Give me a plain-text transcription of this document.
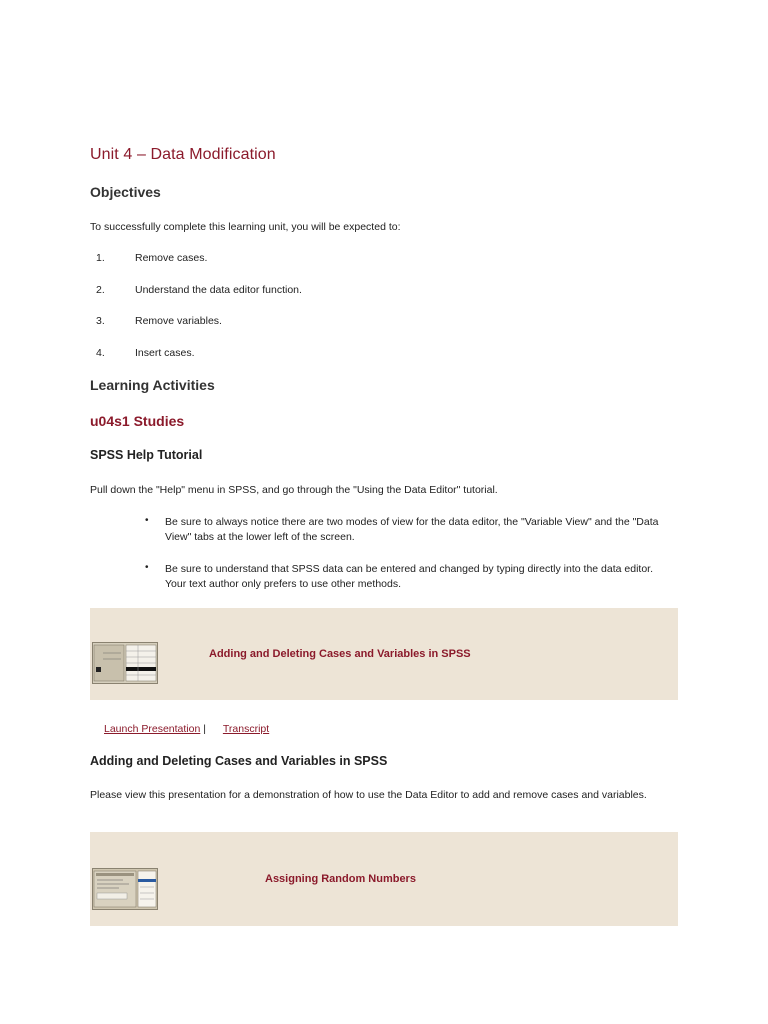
Unit 4 – Data Modification
Objectives
To successfully complete this learning unit, you will be expected to:
1.	Remove cases.
2.	Understand the data editor function.
3.	Remove variables.
4.	Insert cases.
Learning Activities
u04s1 Studies
SPSS Help Tutorial
Pull down the "Help" menu in SPSS, and go through the "Using the Data Editor" tutorial.
• Be sure to always notice there are two modes of view for the data editor, the "Variable View" and the "Data View" tabs at the lower left of the screen.
• Be sure to understand that SPSS data can be entered and changed by typing directly into the data editor. Your text author only prefers to use other methods.
Adding and Deleting Cases and Variables in SPSS
Launch Presentation | Transcript
Adding and Deleting Cases and Variables in SPSS
Please view this presentation for a demonstration of how to use the Data Editor to add and remove cases and variables.
Assigning Random Numbers
